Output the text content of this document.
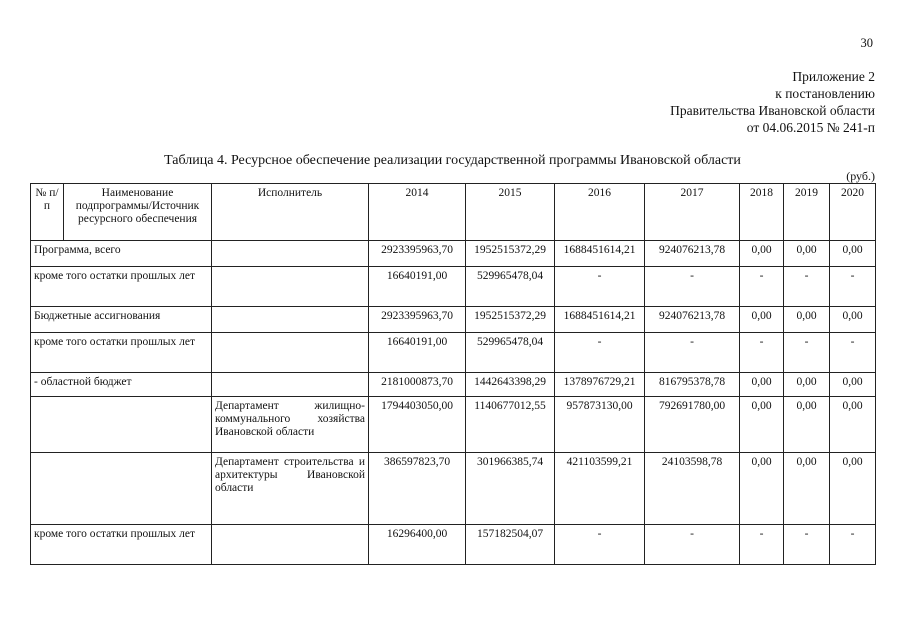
30
Приложение 2
к постановлению
Правительства Ивановской области
от 04.06.2015 № 241-п
Таблица 4. Ресурсное обеспечение реализации государственной программы Ивановской области
(руб.)
№ п/п	Наименование подпрограммы/Источник ресурсного обеспечения	Исполнитель	2014	2015	2016	2017	2018	2019	2020
Программа, всего			2923395963,70	1952515372,29	1688451614,21	924076213,78	0,00	0,00	0,00
кроме того остатки прошлых лет			16640191,00	529965478,04	-	-	-	-	-
Бюджетные ассигнования			2923395963,70	1952515372,29	1688451614,21	924076213,78	0,00	0,00	0,00
кроме того остатки прошлых лет			16640191,00	529965478,04	-	-	-	-	-
- областной бюджет			2181000873,70	1442643398,29	1378976729,21	816795378,78	0,00	0,00	0,00
		Департамент жилищно-коммунального хозяйства Ивановской области	1794403050,00	1140677012,55	957873130,00	792691780,00	0,00	0,00	0,00
		Департамент строительства и архитектуры Ивановской области	386597823,70	301966385,74	421103599,21	24103598,78	0,00	0,00	0,00
кроме того остатки прошлых лет			16296400,00	157182504,07	-	-	-	-	-
